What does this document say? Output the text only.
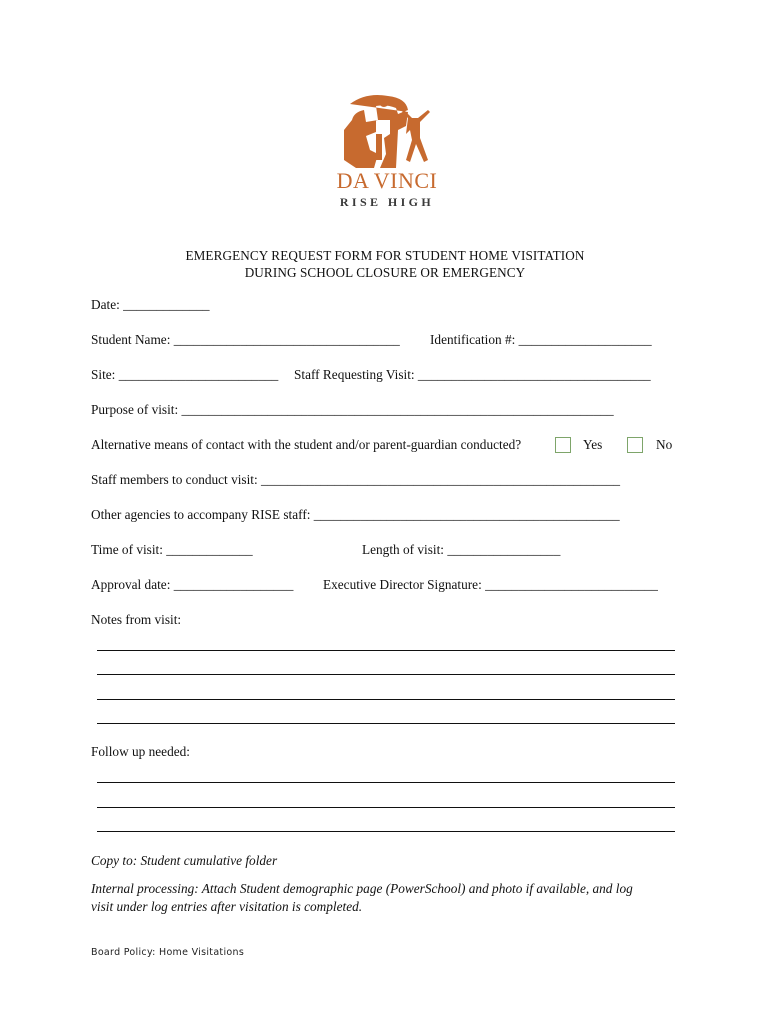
DA VINCI
RISE HIGH
EMERGENCY REQUEST FORM FOR STUDENT HOME VISITATION
DURING SCHOOL CLOSURE OR EMERGENCY
Date: _____________
Student Name: __________________________________ Identification #: ____________________
Site: ________________________ Staff Requesting Visit: ___________________________________
Purpose of visit: _________________________________________________________________
Alternative means of contact with the student and/or parent-guardian conducted?	Yes	No
Staff members to conduct visit: ______________________________________________________
Other agencies to accompany RISE staff: ______________________________________________
Time of visit: _____________	Length of visit: _________________
Approval date: __________________ Executive Director Signature: __________________________
Notes from visit:
Follow up needed:
Copy to: Student cumulative folder
Internal processing: Attach Student demographic page (PowerSchool) and photo if available, and log
visit under log entries after visitation is completed.
Board Policy: Home Visitations
